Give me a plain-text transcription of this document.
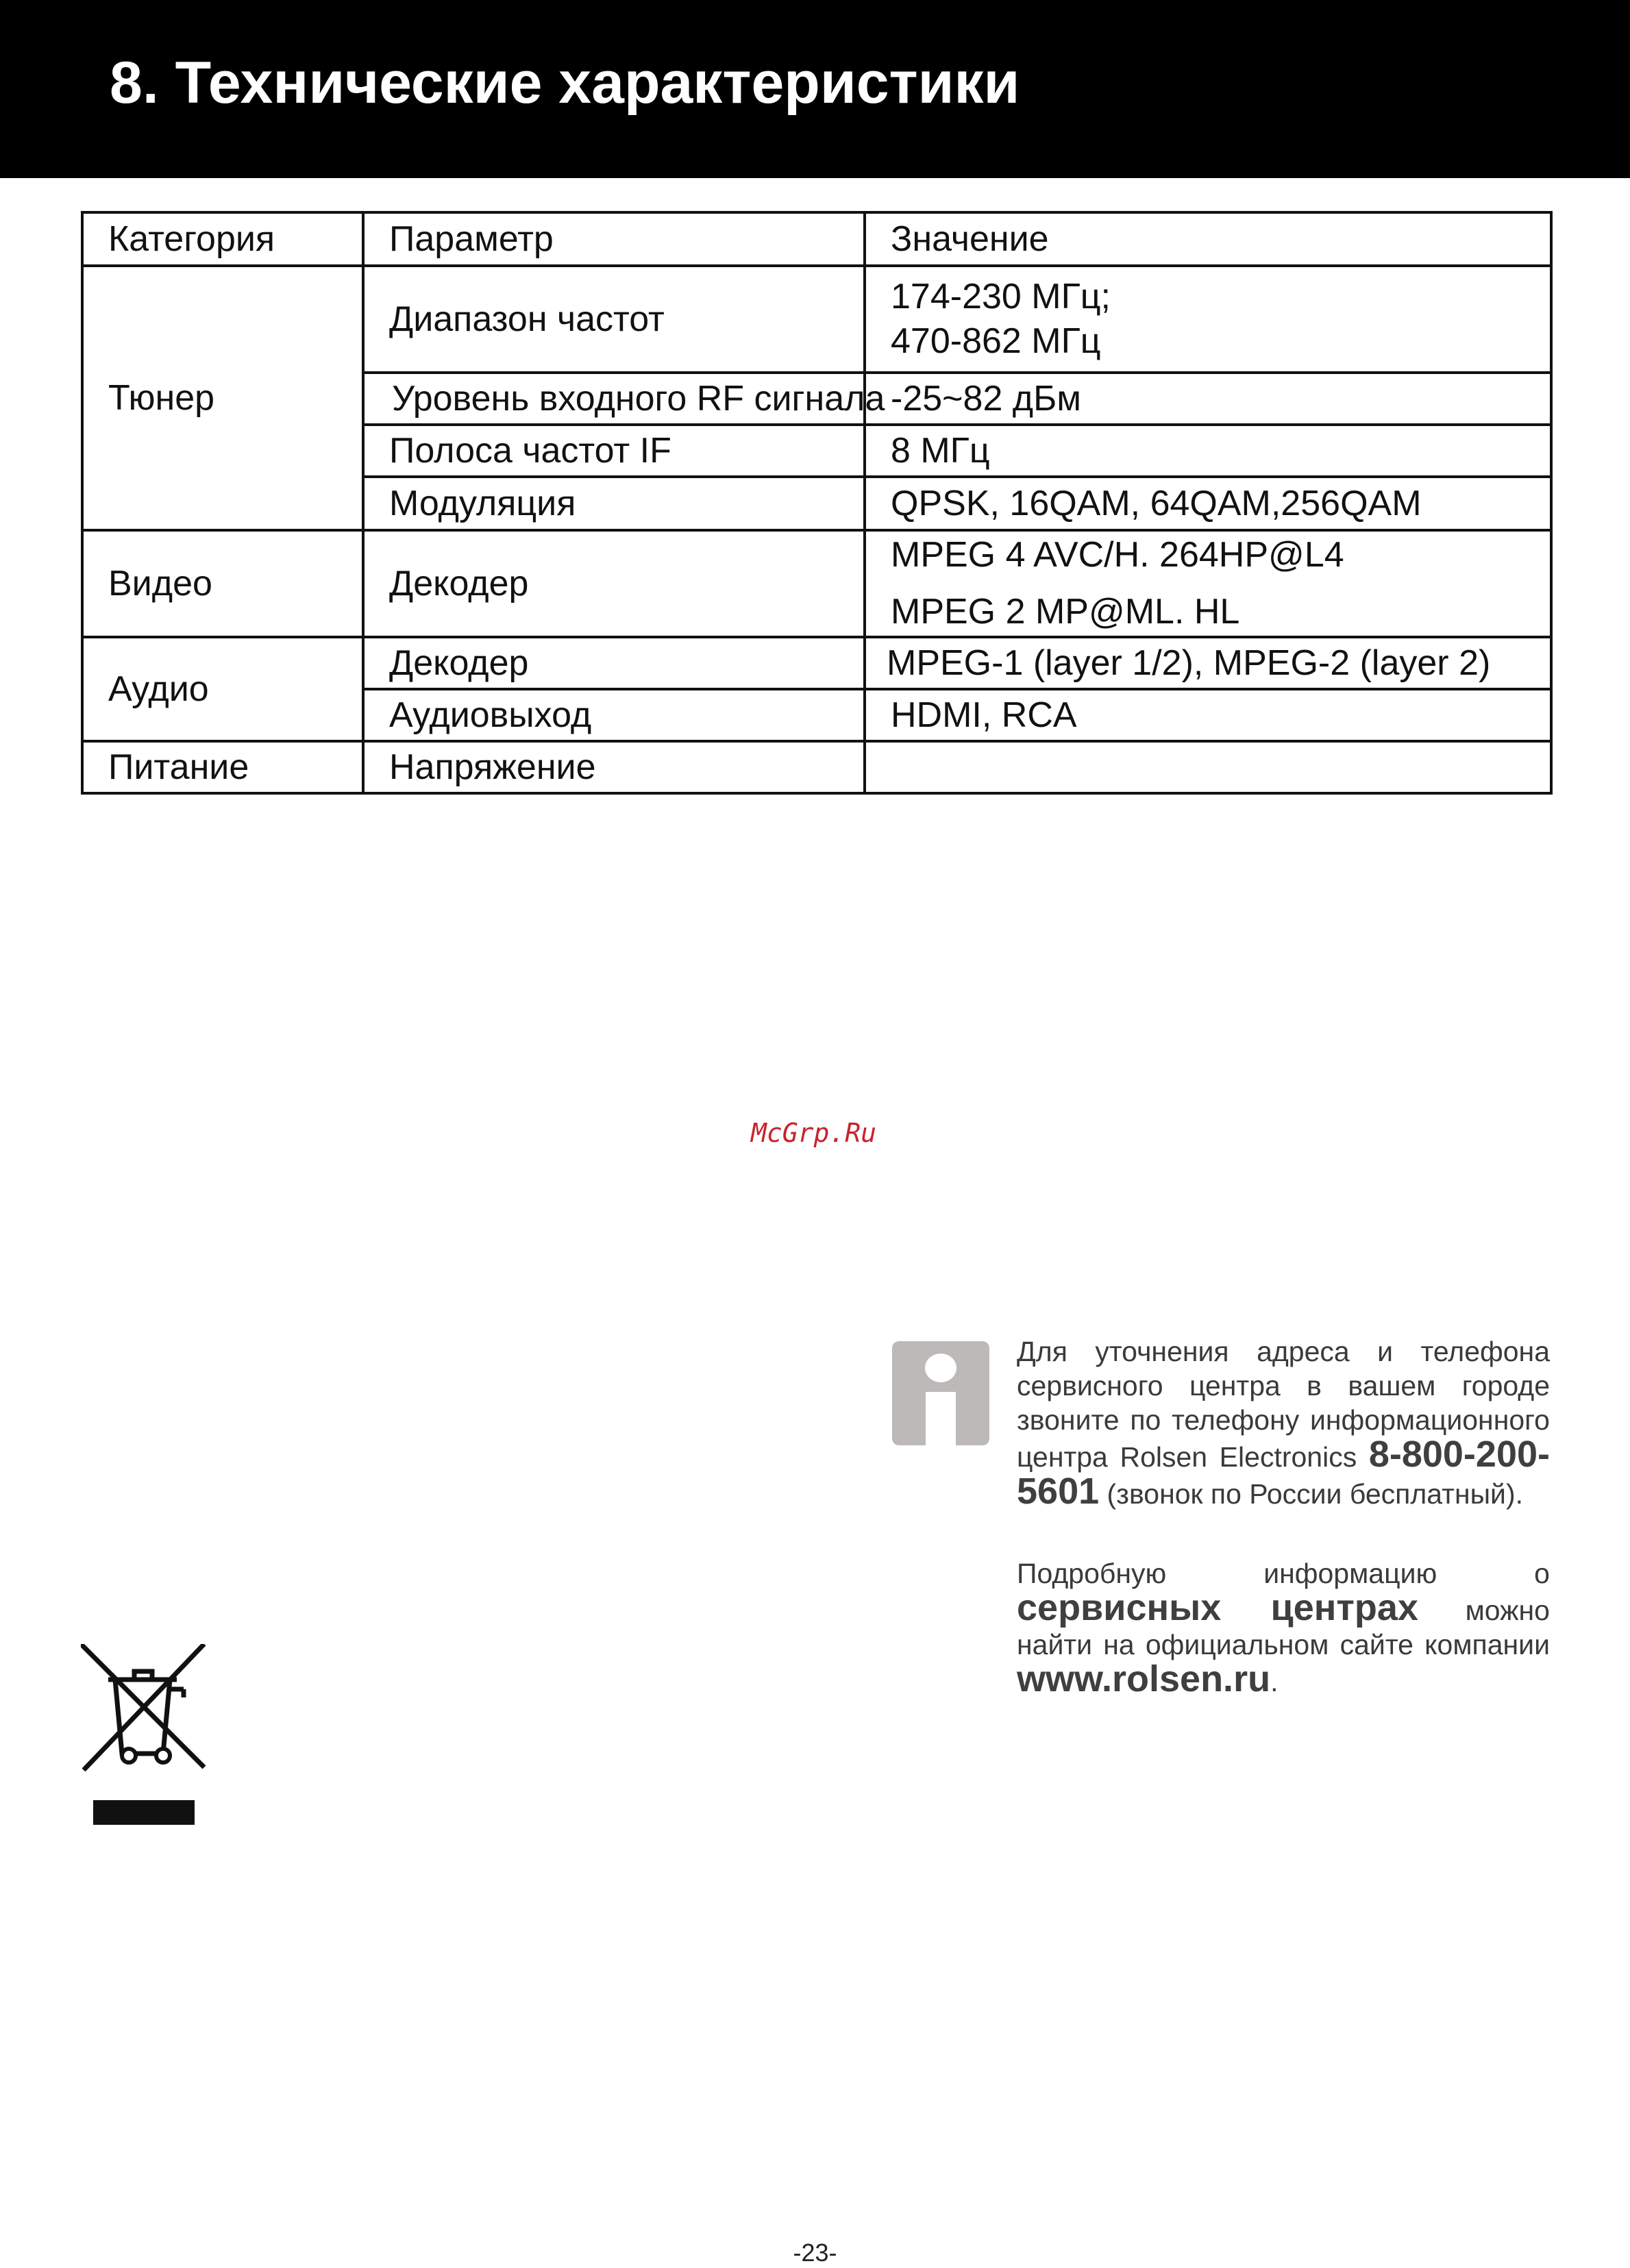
8. Технические характеристики
Категория	Параметр	Значение
Тюнер	Диапазон частот	174-230 МГц;
470-862 МГц

	Уровень входного RF сигнала	-25~82 дБм
	Полоса частот IF	8 МГц
	Модуляция	QPSK, 16QAM, 64QAM,256QAM
Видео	Декодер	MPEG 4 AVC/H. 264HP@L4
MPEG 2 MP@ML. HL

Аудио	Декодер	MPEG-1 (layer 1/2), MPEG-2 (layer 2)
	Аудиовыход	HDMI, RCA
Питание	Напряжение	
McGrp.Ru

Для уточнения адреса и телефона сервисного центра в вашем городе звоните по телефону информационного центра Rolsen Electronics 8-800-200-5601 (звонок по России бесплатный).

Подробную информацию о сервисных центрах можно найти на официальном сайте компании www.rolsen.ru.

-23-
